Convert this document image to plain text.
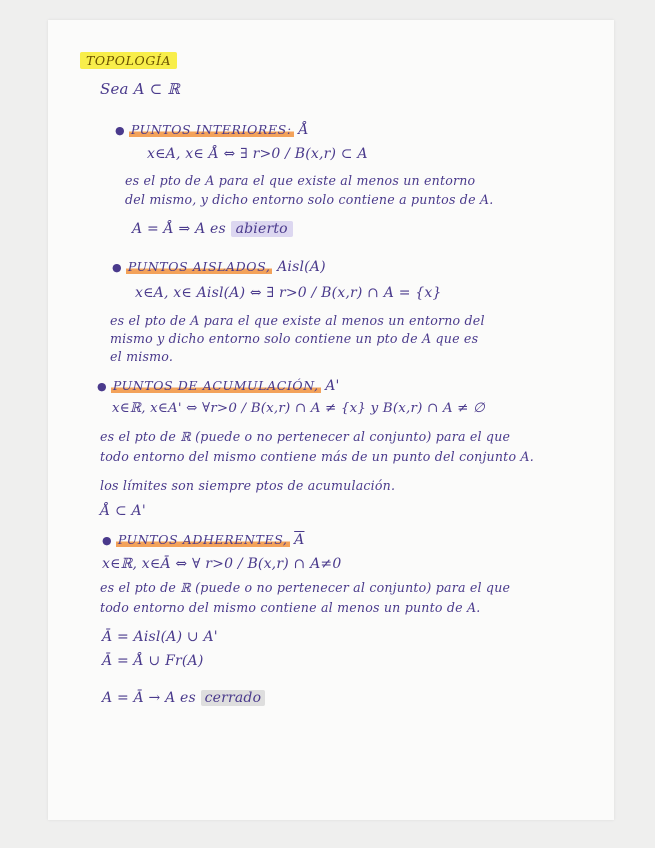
TOPOLOGÍA

Sea A ⊂ ℝ

● PUNTOS INTERIORES: Å

x∈A, x∈ Å ⇔ ∃ r>0 / B(x,r) ⊂ A

es el pto de A para el que existe al menos un entorno

del mismo, y dicho entorno solo contiene a puntos de A.

A = Å ⇒ A es abierto

● PUNTOS AISLADOS, Aisl(A)

x∈A, x∈ Aisl(A) ⇔ ∃ r>0 / B(x,r) ∩ A = {x}

es el pto de A para el que existe al menos un entorno del

mismo y dicho entorno solo contiene un pto de A que es

el mismo.

● PUNTOS DE ACUMULACIÓN, A'

x∈ℝ, x∈A' ⇔ ∀r>0 / B(x,r) ∩ A ≠ {x} y B(x,r) ∩ A ≠ ∅

es el pto de ℝ (puede o no pertenecer al conjunto) para el que

todo entorno del mismo contiene más de un punto del conjunto A.

los límites son siempre ptos de acumulación.

Å ⊂ A'

● PUNTOS ADHERENTES, $\overline{A}$

x∈ℝ, x∈Ā ⇔ ∀ r>0 / B(x,r) ∩ A≠0

es el pto de ℝ (puede o no pertenecer al conjunto) para el que

todo entorno del mismo contiene al menos un punto de A.

Ā = Aisl(A) ∪ A'

Ā = Å ∪ Fr(A)

A = Ā → A es cerrado
